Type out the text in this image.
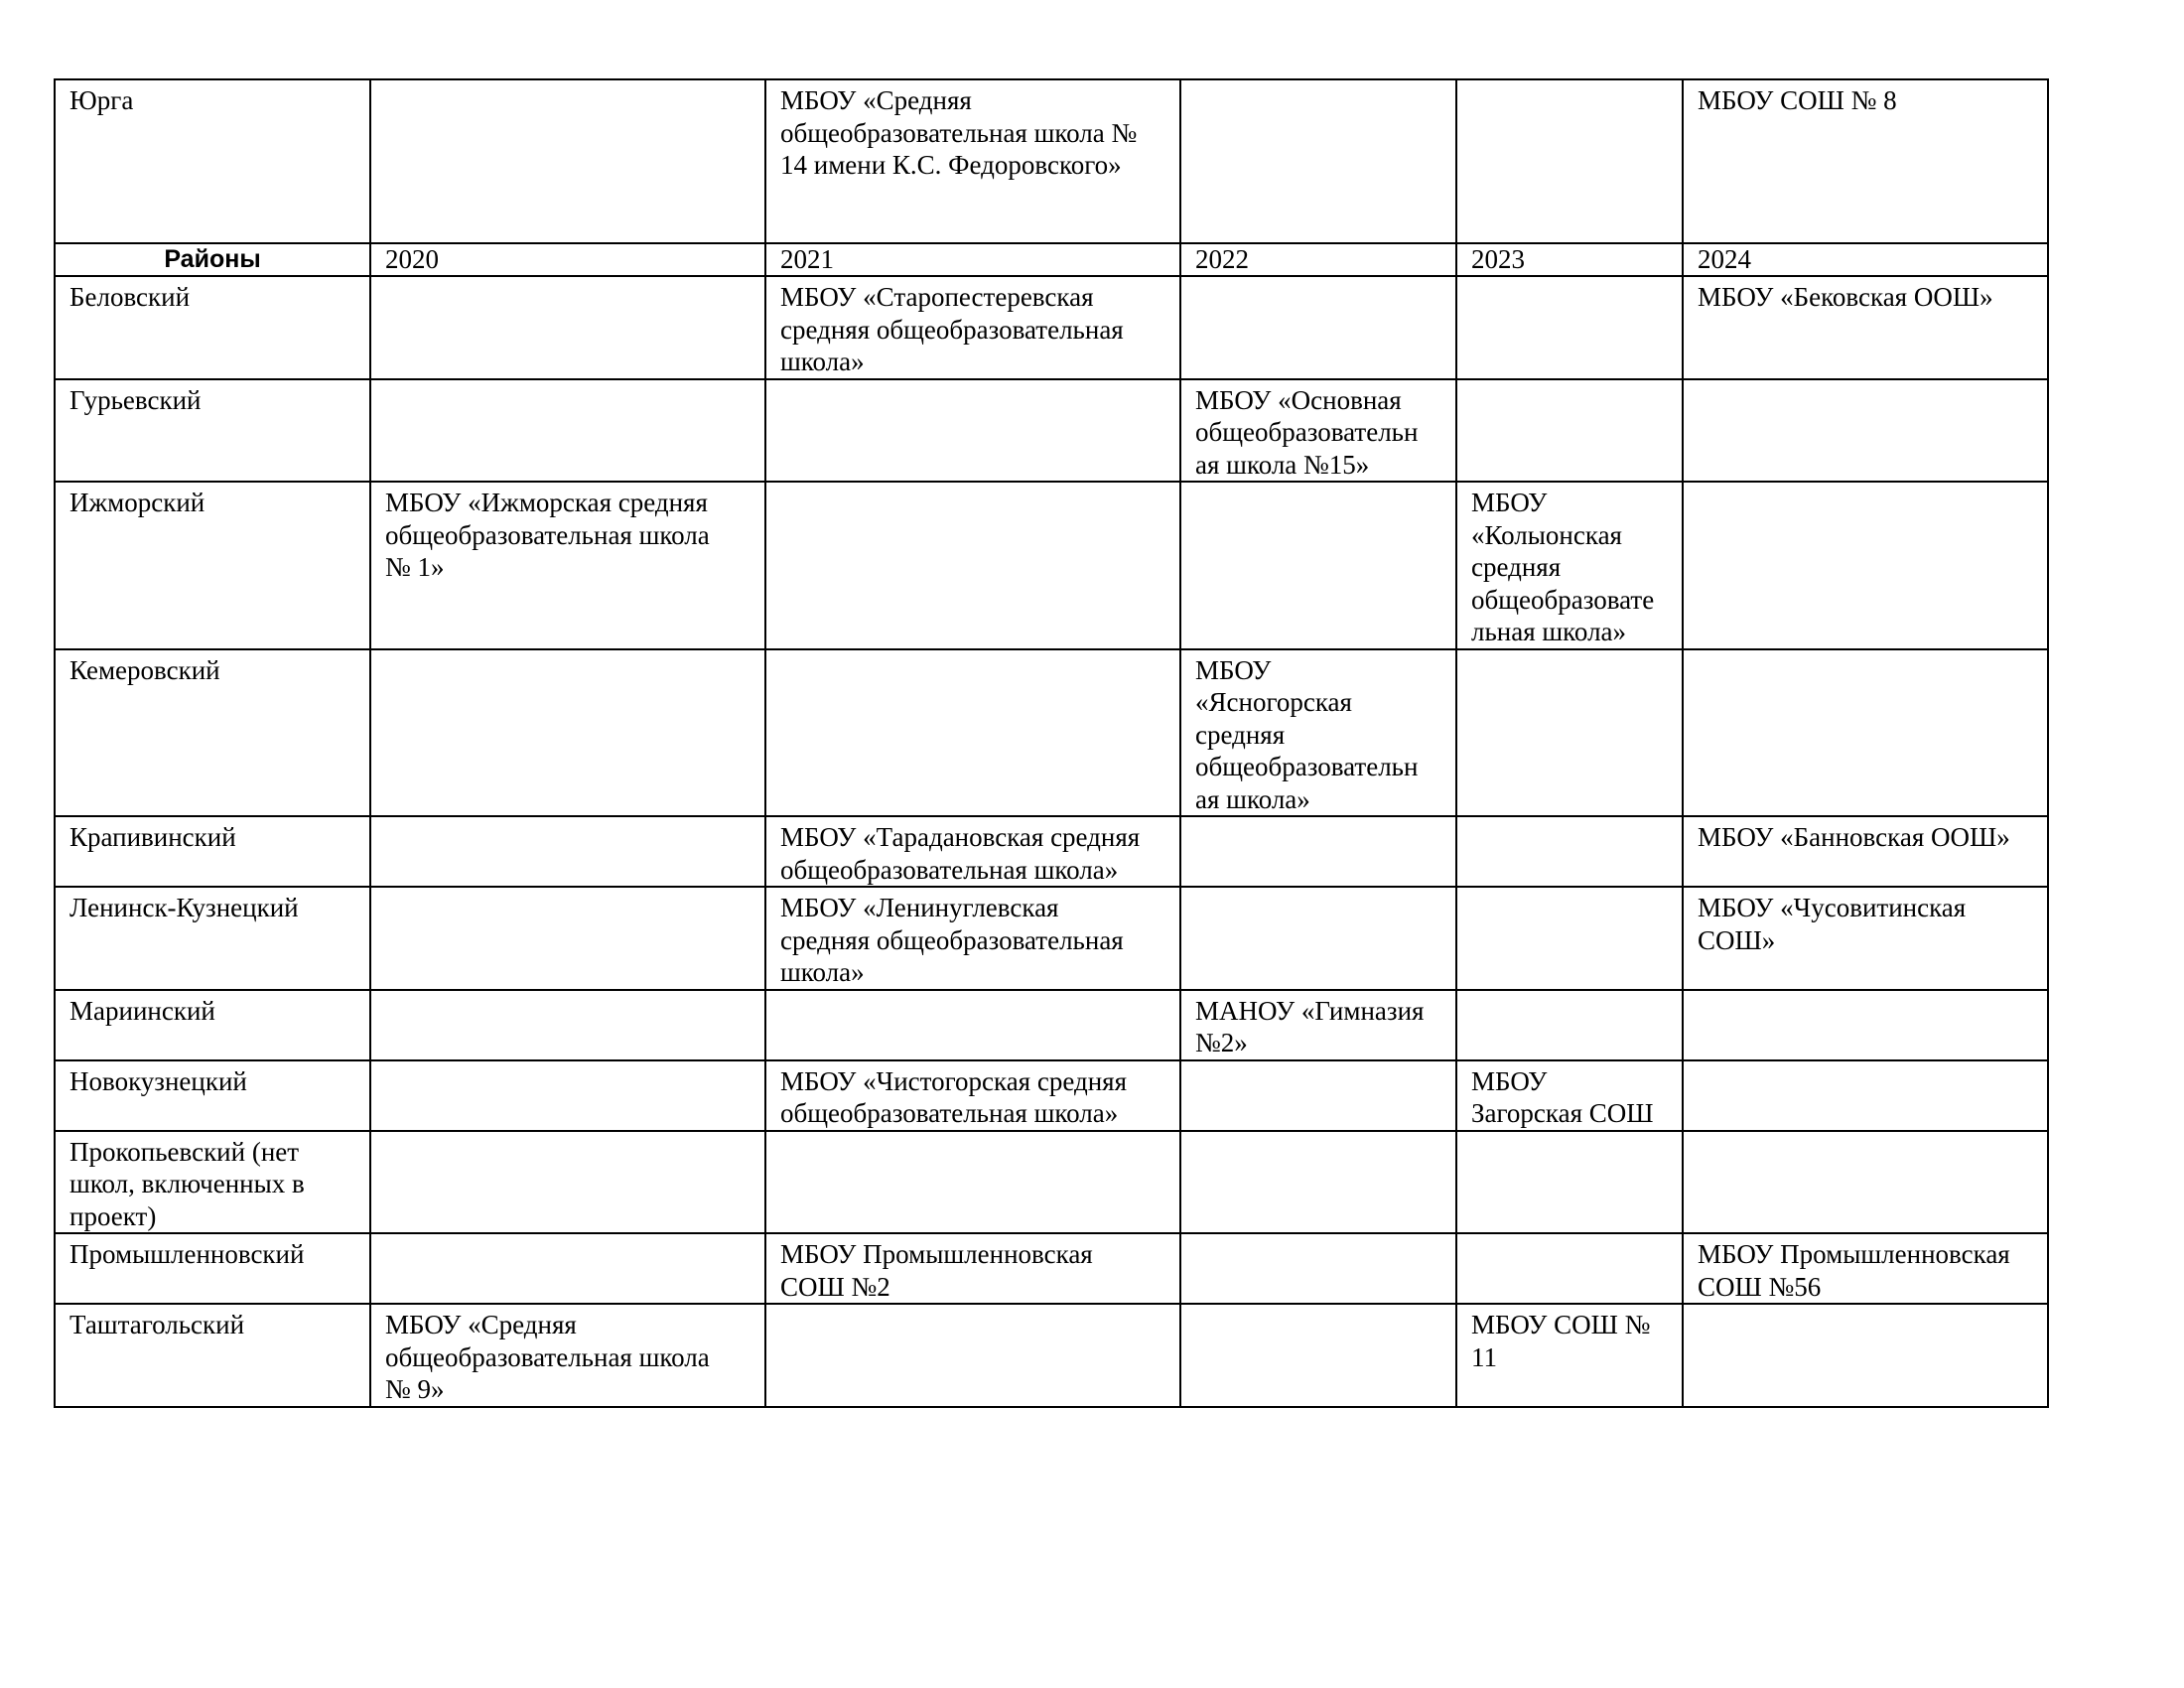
Юрга		МБОУ «Средняя
общеобразовательная школа №
14 имени К.С. Федоровского»			МБОУ СОШ № 8
Районы	2020	2021	2022	2023	2024
Беловский		МБОУ «Старопестеревская
средняя общеобразовательная
школа»			МБОУ «Бековская ООШ»
Гурьевский			МБОУ «Основная
общеобразовательн
ая школа №15»		
Ижморский	МБОУ «Ижморская средняя
общеобразовательная школа
№ 1»			МБОУ
«Колыонская
средняя
общеобразовате
льная школа»	
Кемеровский			МБОУ
«Ясногорская
средняя
общеобразовательн
ая школа»		
Крапивинский		МБОУ «Тараданoвская средняя
общеобразовательная школа»			МБОУ «Банновская ООШ»
Ленинск-Кузнецкий		МБОУ «Ленинуглевская
средняя общеобразовательная
школа»			МБОУ «Чусовитинская
СОШ»
Мариинский			МАНОУ «Гимназия
№2»		
Новокузнецкий		МБОУ «Чистогорская средняя
общеобразовательная школа»		МБОУ
Загорская СОШ	
Прокопьевский (нет
школ, включенных в
проект)					
Промышленновский		МБОУ Промышленновская
СОШ №2			МБОУ Промышленновская
СОШ №56
Таштагольский	МБОУ «Средняя
общеобразовательная школа
№ 9»			МБОУ СОШ №
11	
